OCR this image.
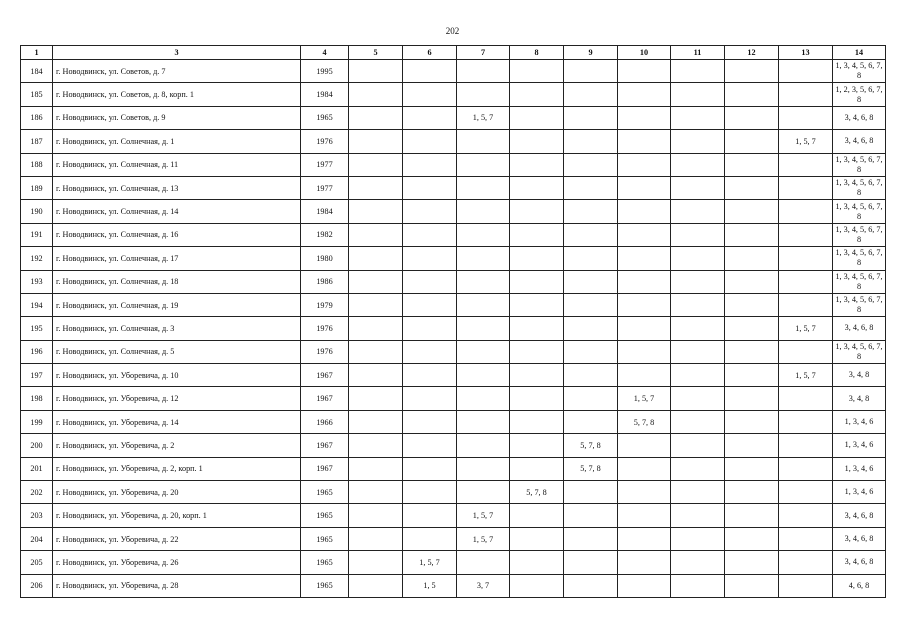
202
1	3	4	5	6	7	8	9	10	11	12	13	14
184	г. Новодвинск, ул. Советов, д. 7	1995										1, 3, 4, 5, 6, 7, 8
185	г. Новодвинск, ул. Советов, д. 8, корп. 1	1984										1, 2, 3, 5, 6, 7, 8
186	г. Новодвинск, ул. Советов, д. 9	1965			1, 5, 7							3, 4, 6, 8
187	г. Новодвинск, ул. Солнечная, д. 1	1976									1, 5, 7	3, 4, 6, 8
188	г. Новодвинск, ул. Солнечная, д. 11	1977										1, 3, 4, 5, 6, 7, 8
189	г. Новодвинск, ул. Солнечная, д. 13	1977										1, 3, 4, 5, 6, 7, 8
190	г. Новодвинск, ул. Солнечная, д. 14	1984										1, 3, 4, 5, 6, 7, 8
191	г. Новодвинск, ул. Солнечная, д. 16	1982										1, 3, 4, 5, 6, 7, 8
192	г. Новодвинск, ул. Солнечная, д. 17	1980										1, 3, 4, 5, 6, 7, 8
193	г. Новодвинск, ул. Солнечная, д. 18	1986										1, 3, 4, 5, 6, 7, 8
194	г. Новодвинск, ул. Солнечная, д. 19	1979										1, 3, 4, 5, 6, 7, 8
195	г. Новодвинск, ул. Солнечная, д. 3	1976									1, 5, 7	3, 4, 6, 8
196	г. Новодвинск, ул. Солнечная, д. 5	1976										1, 3, 4, 5, 6, 7, 8
197	г. Новодвинск, ул. Уборевича, д. 10	1967									1, 5, 7	3, 4, 8
198	г. Новодвинск, ул. Уборевича, д. 12	1967						1, 5, 7				3, 4, 8
199	г. Новодвинск, ул. Уборевича, д. 14	1966						5, 7, 8				1, 3, 4, 6
200	г. Новодвинск, ул. Уборевича, д. 2	1967					5, 7, 8					1, 3, 4, 6
201	г. Новодвинск, ул. Уборевича, д. 2, корп. 1	1967					5, 7, 8					1, 3, 4, 6
202	г. Новодвинск, ул. Уборевича, д. 20	1965				5, 7, 8						1, 3, 4, 6
203	г. Новодвинск, ул. Уборевича, д. 20, корп. 1	1965			1, 5, 7							3, 4, 6, 8
204	г. Новодвинск, ул. Уборевича, д. 22	1965			1, 5, 7							3, 4, 6, 8
205	г. Новодвинск, ул. Уборевича, д. 26	1965		1, 5, 7								3, 4, 6, 8
206	г. Новодвинск, ул. Уборевича, д. 28	1965		1, 5	3, 7							4, 6, 8
